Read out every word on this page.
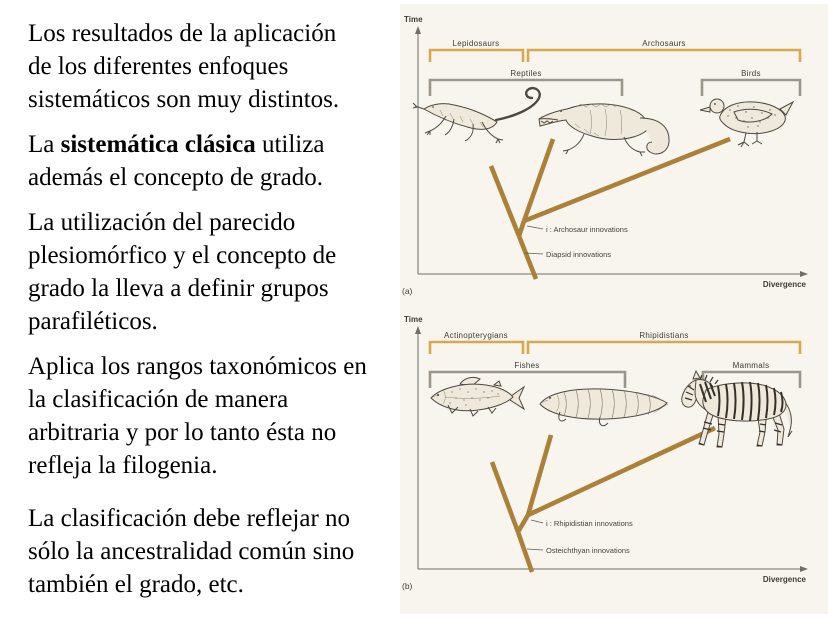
Los resultados de la aplicación
de los diferentes enfoques
sistemáticos son muy distintos.
La sistemática clásica utiliza
además el concepto de grado.
La utilización del parecido
plesiomórfico y el concepto de
grado la lleva a definir grupos
parafiléticos.
Aplica los rangos taxonómicos en
la clasificación de manera
arbitraria y por lo tanto ésta no
refleja la filogenia.
La clasificación debe reflejar no
sólo la ancestralidad común sino
también el grado, etc.
Time
Divergence
(a)
Lepidosaurs	Archosaurs
Reptiles	Birds
i : Archosaur innovations
Diapsid innovations
Time
Divergence
(b)
Actinopterygians	Rhipidistians
Fishes	Mammals
i : Rhipidistian innovations
Osteichthyan innovations
